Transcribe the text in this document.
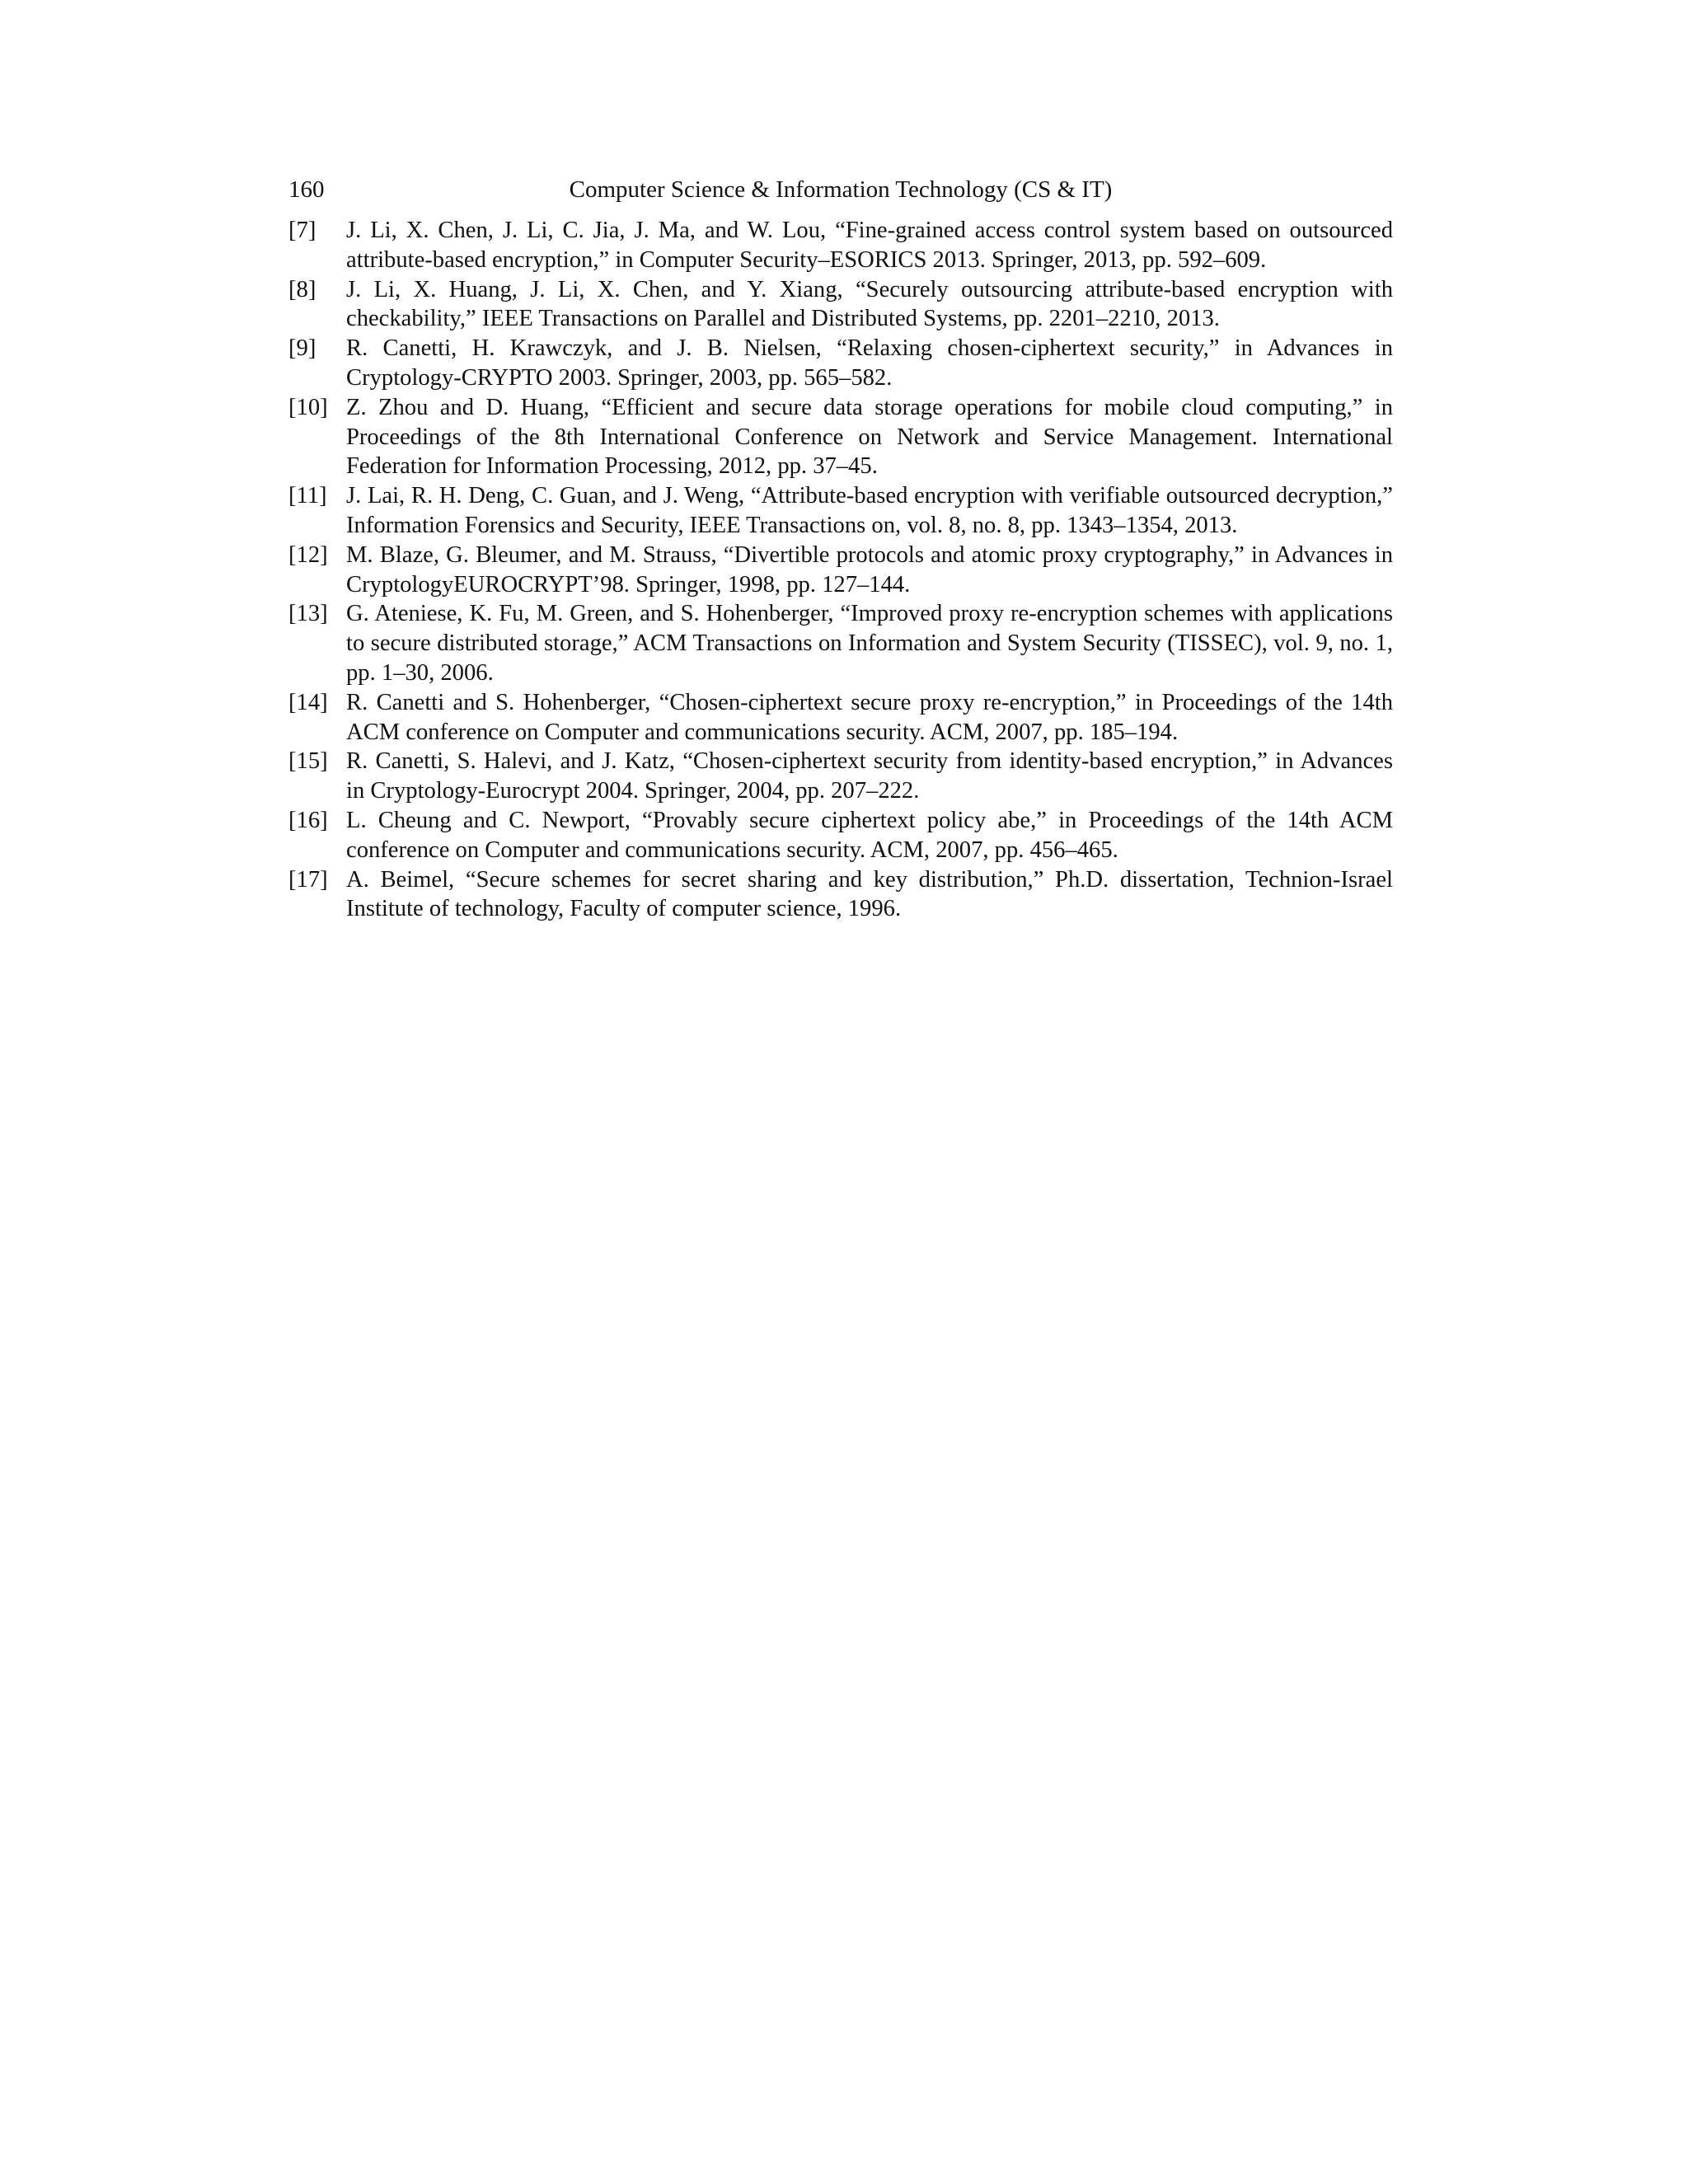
160	Computer Science & Information Technology (CS & IT)
[7]	J. Li, X. Chen, J. Li, C. Jia, J. Ma, and W. Lou, “Fine-grained access control system based on outsourced attribute-based encryption,” in Computer Security–ESORICS 2013. Springer, 2013, pp. 592–609.
[8]	J. Li, X. Huang, J. Li, X. Chen, and Y. Xiang, “Securely outsourcing attribute-based encryption with checkability,” IEEE Transactions on Parallel and Distributed Systems, pp. 2201–2210, 2013.
[9]	R. Canetti, H. Krawczyk, and J. B. Nielsen, “Relaxing chosen-ciphertext security,” in Advances in Cryptology-CRYPTO 2003. Springer, 2003, pp. 565–582.
[10] Z. Zhou and D. Huang, “Efficient and secure data storage operations for mobile cloud computing,” in Proceedings of the 8th International Conference on Network and Service Management. International Federation for Information Processing, 2012, pp. 37–45.
[11] J. Lai, R. H. Deng, C. Guan, and J. Weng, “Attribute-based encryption with verifiable outsourced decryption,” Information Forensics and Security, IEEE Transactions on, vol. 8, no. 8, pp. 1343–1354, 2013.
[12] M. Blaze, G. Bleumer, and M. Strauss, “Divertible protocols and atomic proxy cryptography,” in Advances in CryptologyEUROCRYPT’98. Springer, 1998, pp. 127–144.
[13] G. Ateniese, K. Fu, M. Green, and S. Hohenberger, “Improved proxy re-encryption schemes with applications to secure distributed storage,” ACM Transactions on Information and System Security (TISSEC), vol. 9, no. 1, pp. 1–30, 2006.
[14] R. Canetti and S. Hohenberger, “Chosen-ciphertext secure proxy re-encryption,” in Proceedings of the 14th ACM conference on Computer and communications security. ACM, 2007, pp. 185–194.
[15] R. Canetti, S. Halevi, and J. Katz, “Chosen-ciphertext security from identity-based encryption,” in Advances in Cryptology-Eurocrypt 2004. Springer, 2004, pp. 207–222.
[16] L. Cheung and C. Newport, “Provably secure ciphertext policy abe,” in Proceedings of the 14th ACM conference on Computer and communications security. ACM, 2007, pp. 456–465.
[17] A. Beimel, “Secure schemes for secret sharing and key distribution,” Ph.D. dissertation, Technion-Israel Institute of technology, Faculty of computer science, 1996.
